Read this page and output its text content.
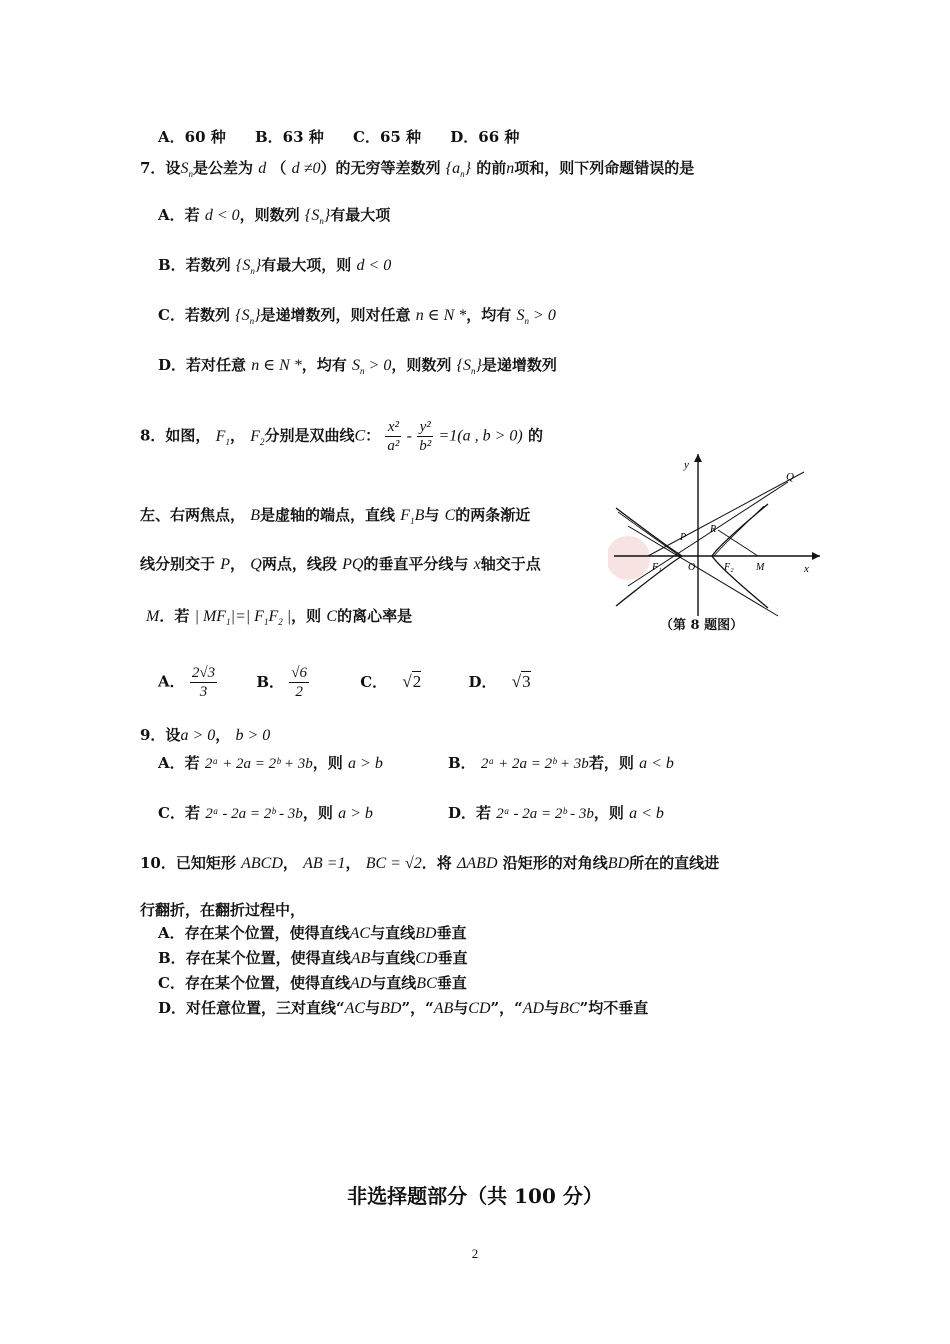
A．60 种 B．63 种 C．65 种 D．66 种
7．设$S_n$是公差为 d （ d ≠0）的无穷等差数列 $\{a_n\}$ 的前n项和，则下列命题错误的是
A．若 d < 0，则数列 $\{S_n\}$有最大项
B．若数列 $\{S_n\}$有最大项，则 d < 0
C．若数列 $\{S_n\}$是递增数列，则对任意 n ∈ N *，均有 $S_n > 0$
D．若对任意 n ∈ N *，均有 $S_n > 0$，则数列 $\{S_n\}$是递增数列
8．如图， $F_1$， $F_2$分别是双曲线C： $\frac{\text{x²}}{\text{a²}} - \frac{\text{y²}}{\text{b²}} =1(a$ , b > 0) 的
左、右两焦点， B是虚轴的端点，直线 $F_1B$与 C的两条渐近
线分别交于 P， Q两点，线段 PQ的垂直平分线与 x轴交于点
M．若 | $MF_1|=|$ $F_1F_2$ |，则 C的离心率是
A． $\frac{2√3}{3}$	B． $\frac{√6}{2}$	C． √2	D． √3
y
x
Q
P
R
F₁	O	F₂ M
（第 8 题图）
9．设a > 0， b > 0
A．若 2ᵃ + 2a = 2ᵇ + 3b，则 a > b	B． 2ᵃ + 2a = 2ᵇ + 3b若，则 a < b
C．若 2ᵃ - 2a = 2ᵇ - 3b，则 a > b	D．若 2ᵃ - 2a = 2ᵇ - 3b，则 a < b
10．已知矩形 ABCD， AB =1， BC = √2．将 ΔABD 沿矩形的对角线BD所在的直线进
行翻折，在翻折过程中，
A．存在某个位置，使得直线AC与直线BD垂直
B．存在某个位置，使得直线AB与直线CD垂直
C．存在某个位置，使得直线AD与直线BC垂直
D．对任意位置，三对直线“AC与BD”，“AB与CD”，“AD与BC”均不垂直
非选择题部分（共 100 分）
2
